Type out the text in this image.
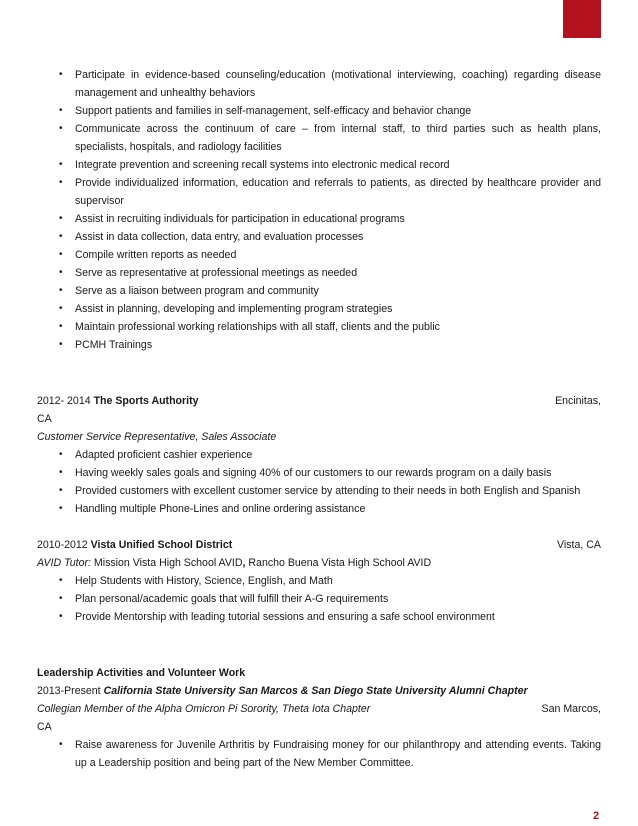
• Participate in evidence-based counseling/education (motivational interviewing, coaching) regarding disease management and unhealthy behaviors
• Support patients and families in self-management, self-efficacy and behavior change
• Communicate across the continuum of care – from internal staff, to third parties such as health plans, specialists, hospitals, and radiology facilities
• Integrate prevention and screening recall systems into electronic medical record
• Provide individualized information, education and referrals to patients, as directed by healthcare provider and supervisor
• Assist in recruiting individuals for participation in educational programs
• Assist in data collection, data entry, and evaluation processes
• Compile written reports as needed
• Serve as representative at professional meetings as needed
• Serve as a liaison between program and community
• Assist in planning, developing and implementing program strategies
• Maintain professional working relationships with all staff, clients and the public
• PCMH Trainings
2012- 2014 The Sports Authority	Encinitas,
CA
Customer Service Representative, Sales Associate
• Adapted proficient cashier experience
• Having weekly sales goals and signing 40% of our customers to our rewards program on a daily basis
• Provided customers with excellent customer service by attending to their needs in both English and Spanish
• Handling multiple Phone-Lines and online ordering assistance
2010-2012 Vista Unified School District	Vista, CA
AVID Tutor: Mission Vista High School AVID, Rancho Buena Vista High School AVID
• Help Students with History, Science, English, and Math
• Plan personal/academic goals that will fulfill their A-G requirements
• Provide Mentorship with leading tutorial sessions and ensuring a safe school environment
Leadership Activities and Volunteer Work
2013-Present California State University San Marcos & San Diego State University Alumni Chapter
Collegian Member of the Alpha Omicron Pi Sorority, Theta Iota Chapter	San Marcos,
CA
• Raise awareness for Juvenile Arthritis by Fundraising money for our philanthropy and attending events. Taking up a Leadership position and being part of the New Member Committee.
2
